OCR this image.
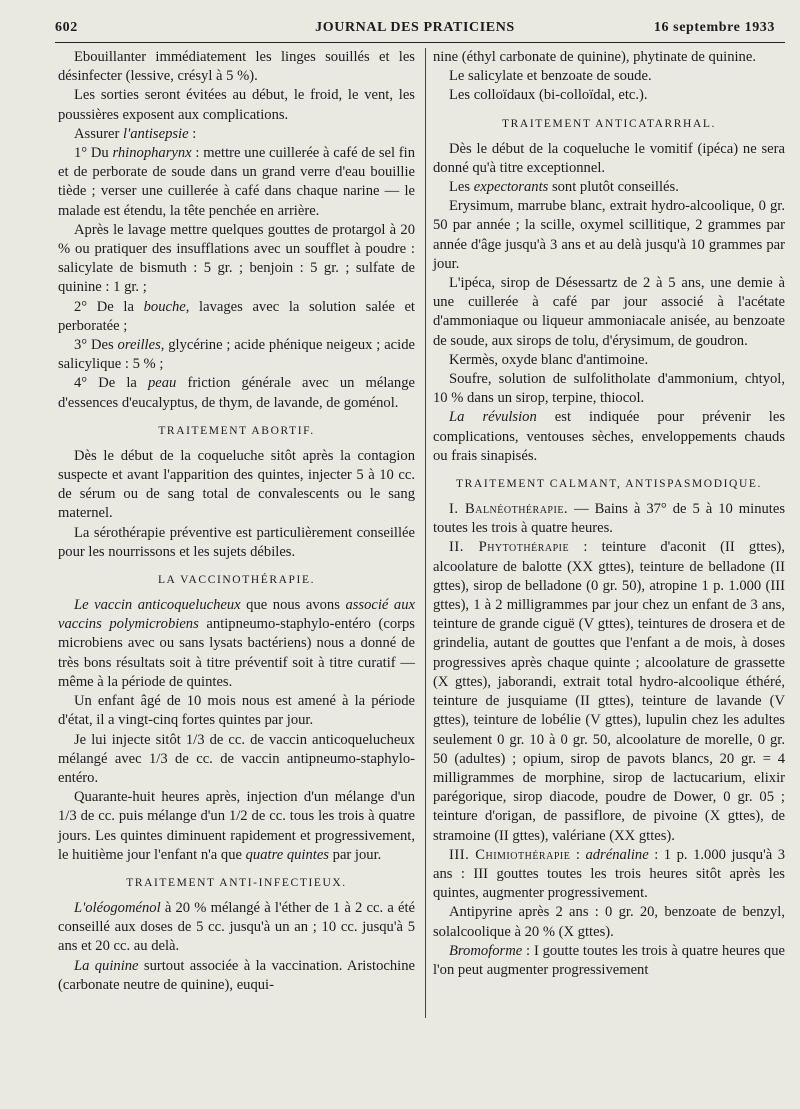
602	JOURNAL DES PRATICIENS	16 septembre 1933

Ebouillanter immédiatement les linges souillés et les désinfecter (lessive, crésyl à 5 %).

Les sorties seront évitées au début, le froid, le vent, les poussières exposent aux complications.

Assurer l'antisepsie :

1° Du rhinopharynx : mettre une cuillerée à café de sel fin et de perborate de soude dans un grand verre d'eau bouillie tiède ; verser une cuillerée à café dans chaque narine — le malade est étendu, la tête penchée en arrière.

Après le lavage mettre quelques gouttes de protargol à 20 % ou pratiquer des insufflations avec un soufflet à poudre : salicylate de bismuth : 5 gr. ; benjoin : 5 gr. ; sulfate de quinine : 1 gr. ;

2° De la bouche, lavages avec la solution salée et perboratée ;

3° Des oreilles, glycérine ; acide phénique neigeux ; acide salicylique : 5 % ;

4° De la peau friction générale avec un mélange d'essences d'eucalyptus, de thym, de lavande, de goménol.

TRAITEMENT ABORTIF.

Dès le début de la coqueluche sitôt après la contagion suspecte et avant l'apparition des quintes, injecter 5 à 10 cc. de sérum ou de sang total de convalescents ou le sang maternel.

La sérothérapie préventive est particulièrement conseillée pour les nourrissons et les sujets débiles.

LA VACCINOTHÉRAPIE.

Le vaccin anticoquelucheux que nous avons associé aux vaccins polymicrobiens antipneumo-staphylo-entéro (corps microbiens avec ou sans lysats bactériens) nous a donné de très bons résultats soit à titre préventif soit à titre curatif — même à la période de quintes.

Un enfant âgé de 10 mois nous est amené à la période d'état, il a vingt-cinq fortes quintes par jour.

Je lui injecte sitôt 1/3 de cc. de vaccin anticoquelucheux mélangé avec 1/3 de cc. de vaccin antipneumo-staphylo-entéro.

Quarante-huit heures après, injection d'un mélange d'un 1/3 de cc. puis mélange d'un 1/2 de cc. tous les trois à quatre jours. Les quintes diminuent rapidement et progressivement, le huitième jour l'enfant n'a que quatre quintes par jour.

TRAITEMENT ANTI-INFECTIEUX.

L'oléogoménol à 20 % mélangé à l'éther de 1 à 2 cc. a été conseillé aux doses de 5 cc. jusqu'à un an ; 10 cc. jusqu'à 5 ans et 20 cc. au delà.

La quinine surtout associée à la vaccination. Aristochine (carbonate neutre de quinine), euqui-

nine (éthyl carbonate de quinine), phytinate de quinine.

Le salicylate et benzoate de soude.

Les colloïdaux (bi-colloïdal, etc.).

TRAITEMENT ANTICATARRHAL.

Dès le début de la coqueluche le vomitif (ipéca) ne sera donné qu'à titre exceptionnel.

Les expectorants sont plutôt conseillés.

Erysimum, marrube blanc, extrait hydro-alcoolique, 0 gr. 50 par année ; la scille, oxymel scillitique, 2 grammes par année d'âge jusqu'à 3 ans et au delà jusqu'à 10 grammes par jour.

L'ipéca, sirop de Désessartz de 2 à 5 ans, une demie à une cuillerée à café par jour associé à l'acétate d'ammoniaque ou liqueur ammoniacale anisée, au benzoate de soude, aux sirops de tolu, d'érysimum, de goudron.

Kermès, oxyde blanc d'antimoine.

Soufre, solution de sulfolitholate d'ammonium, chtyol, 10 % dans un sirop, terpine, thiocol.

La révulsion est indiquée pour prévenir les complications, ventouses sèches, enveloppements chauds ou frais sinapisés.

TRAITEMENT CALMANT, ANTISPASMODIQUE.

I. Balnéothérapie. — Bains à 37° de 5 à 10 minutes toutes les trois à quatre heures.

II. Phytothérapie : teinture d'aconit (II gttes), alcoolature de balotte (XX gttes), teinture de belladone (II gttes), sirop de belladone (0 gr. 50), atropine 1 p. 1.000 (III gttes), 1 à 2 milligrammes par jour chez un enfant de 3 ans, teinture de grande ciguë (V gttes), teintures de drosera et de grindelia, autant de gouttes que l'enfant a de mois, à doses progressives après chaque quinte ; alcoolature de grassette (X gttes), jaborandi, extrait total hydro-alcoolique éthéré, teinture de jusquiame (II gttes), teinture de lavande (V gttes), teinture de lobélie (V gttes), lupulin chez les adultes seulement 0 gr. 10 à 0 gr. 50, alcoolature de morelle, 0 gr. 50 (adultes) ; opium, sirop de pavots blancs, 20 gr. = 4 milligrammes de morphine, sirop de lactucarium, elixir parégorique, sirop diacode, poudre de Dower, 0 gr. 05 ; teinture d'origan, de passiflore, de pivoine (X gttes), de stramoine (II gttes), valériane (XX gttes).

III. Chimiothérapie : adrénaline : 1 p. 1.000 jusqu'à 3 ans : III gouttes toutes les trois heures sitôt après les quintes, augmenter progressivement.

Antipyrine après 2 ans : 0 gr. 20, benzoate de benzyl, solalcoolique à 20 % (X gttes).

Bromoforme : I goutte toutes les trois à quatre heures que l'on peut augmenter progressivement
